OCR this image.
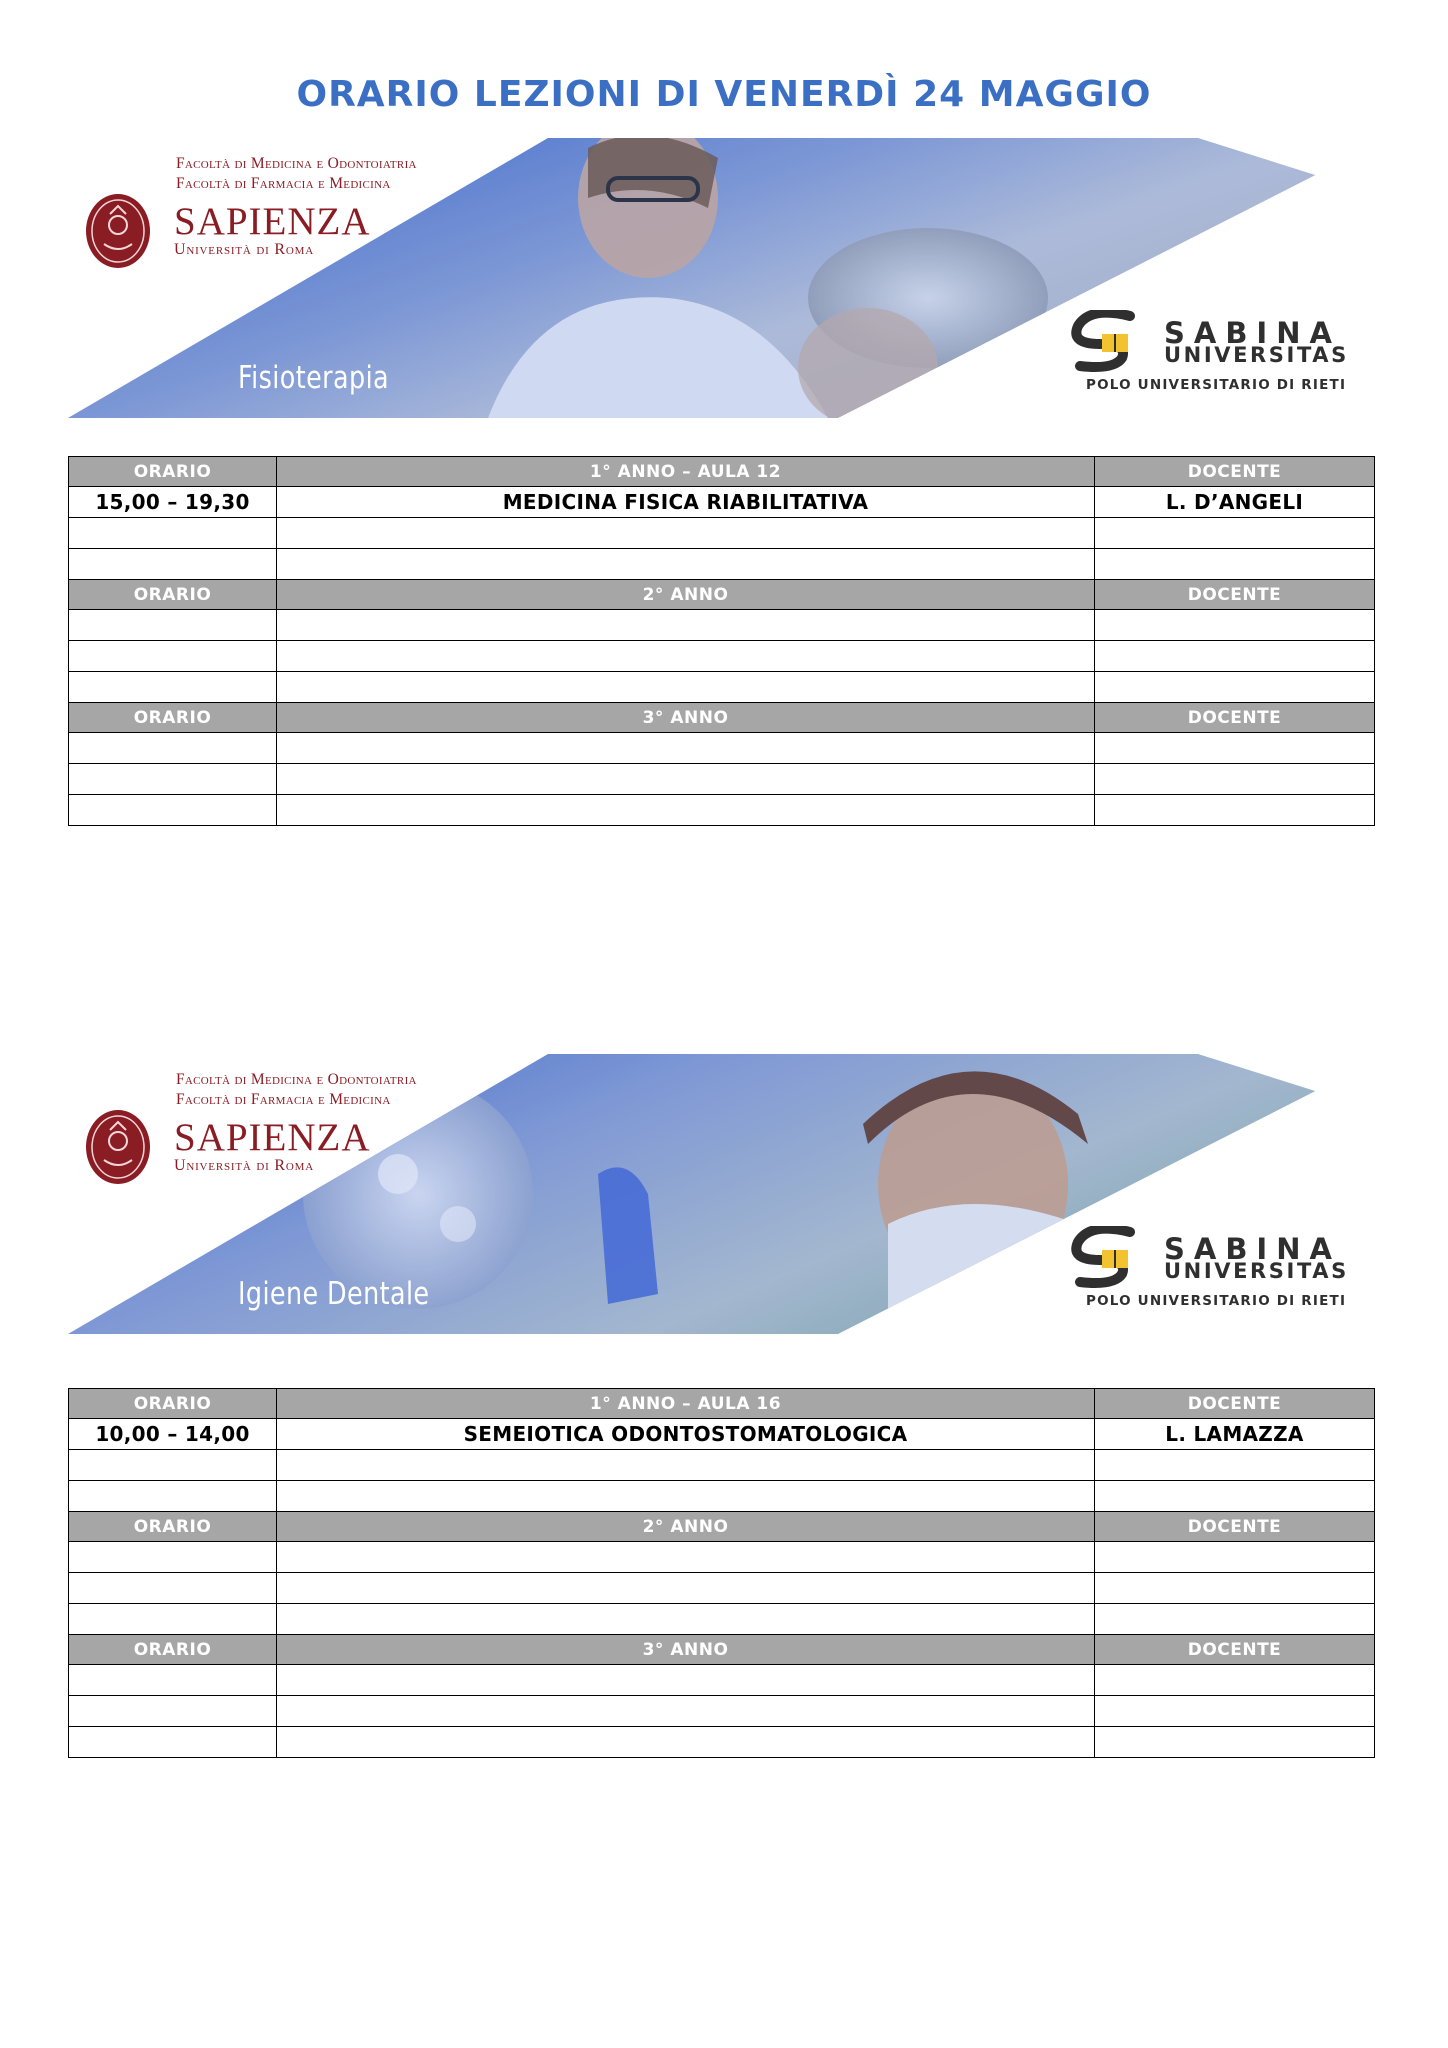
ORARIO LEZIONI DI VENERDÌ 24 MAGGIO
Facoltà di Medicina e Odontoiatria
Facoltà di Farmacia e Medicina
SAPIENZA
Università di Roma
Fisioterapia
SABINA
UNIVERSITAS
POLO UNIVERSITARIO DI RIETI
ORARIO	1° ANNO – AULA 12	DOCENTE
15,00 – 19,30	MEDICINA FISICA RIABILITATIVA	L. D’ANGELI

ORARIO	2° ANNO	DOCENTE

ORARIO	3° ANNO	DOCENTE

Facoltà di Medicina e Odontoiatria
Facoltà di Farmacia e Medicina
SAPIENZA
Università di Roma
Igiene Dentale
SABINA
UNIVERSITAS
POLO UNIVERSITARIO DI RIETI
ORARIO	1° ANNO – AULA 16	DOCENTE
10,00 – 14,00	SEMEIOTICA ODONTOSTOMATOLOGICA	L. LAMAZZA

ORARIO	2° ANNO	DOCENTE

ORARIO	3° ANNO	DOCENTE
